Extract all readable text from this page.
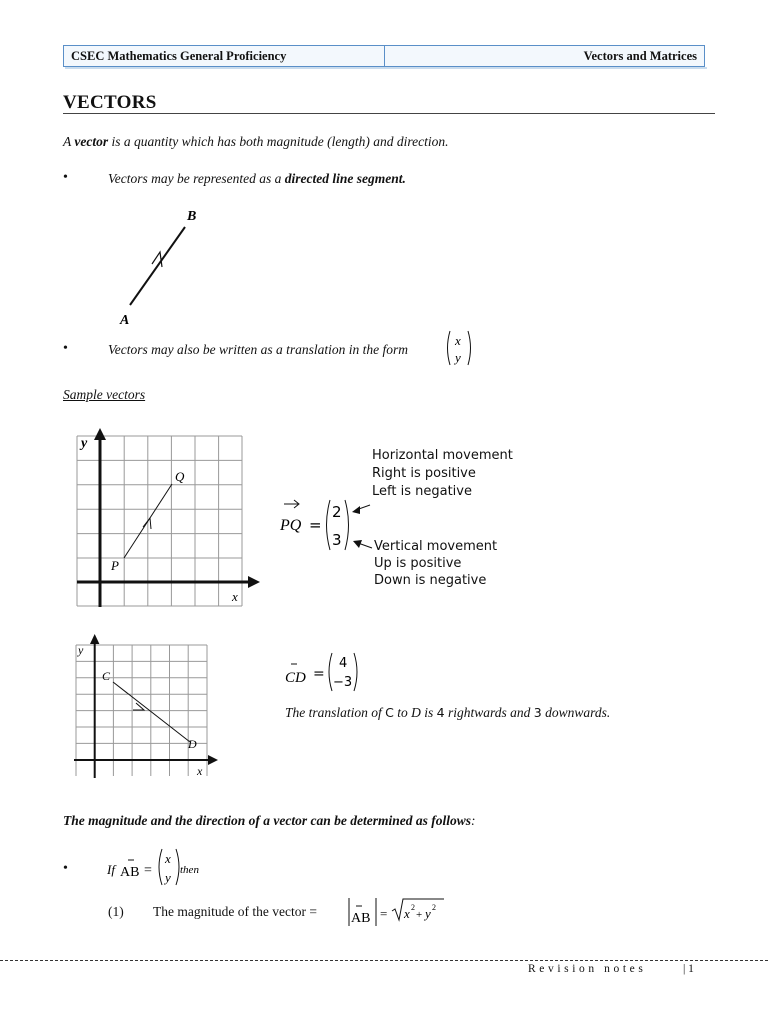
CSEC Mathematics General Proficiency	Vectors and Matrices
VECTORS
A vector is a quantity which has both magnitude (length) and direction.
•	Vectors may be represented as a directed line segment.
A
B
•	Vectors may also be written as a translation in the form
x
y
Sample vectors
y
x
P
Q
PQ =
2
3
Horizontal movement
Right is positive
Left is negative
Vertical movement
Up is positive
Down is negative
y
x
C
D
CD =
4
−3
The translation of C to D is 4 rightwards and 3 downwards.
The magnitude and the direction of a vector can be determined as follows:
•	If AB =
x
y then
(1) The magnitude of the vector = AB = x 2
+ y 2
Revision notes	| 1
